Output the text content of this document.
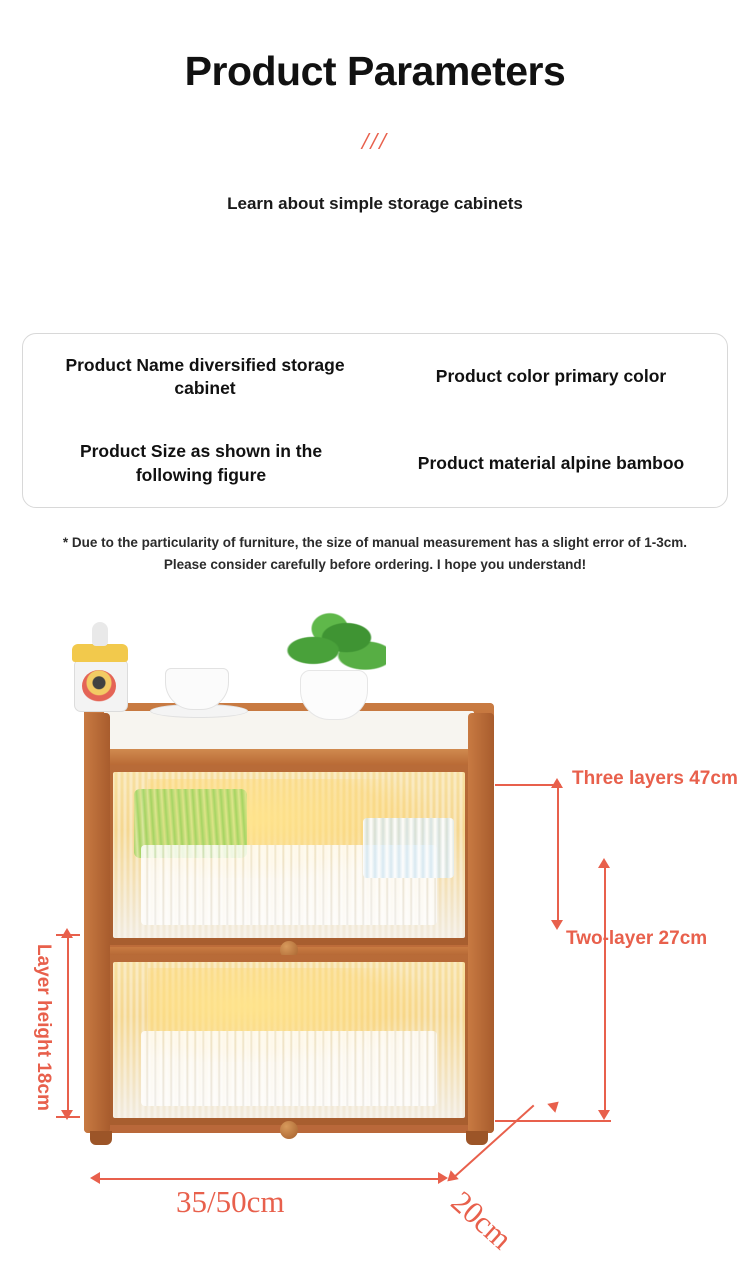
Product Parameters
///
Learn about simple storage cabinets
Product Name diversified storage cabinet
Product color primary color
Product Size as shown in the following figure
Product material alpine bamboo
* Due to the particularity of furniture, the size of manual measurement has a slight error of 1-3cm. Please consider carefully before ordering. I hope you understand!
Three layers 47cm
Two-layer 27cm
Layer height 18cm
35/50cm	20cm
